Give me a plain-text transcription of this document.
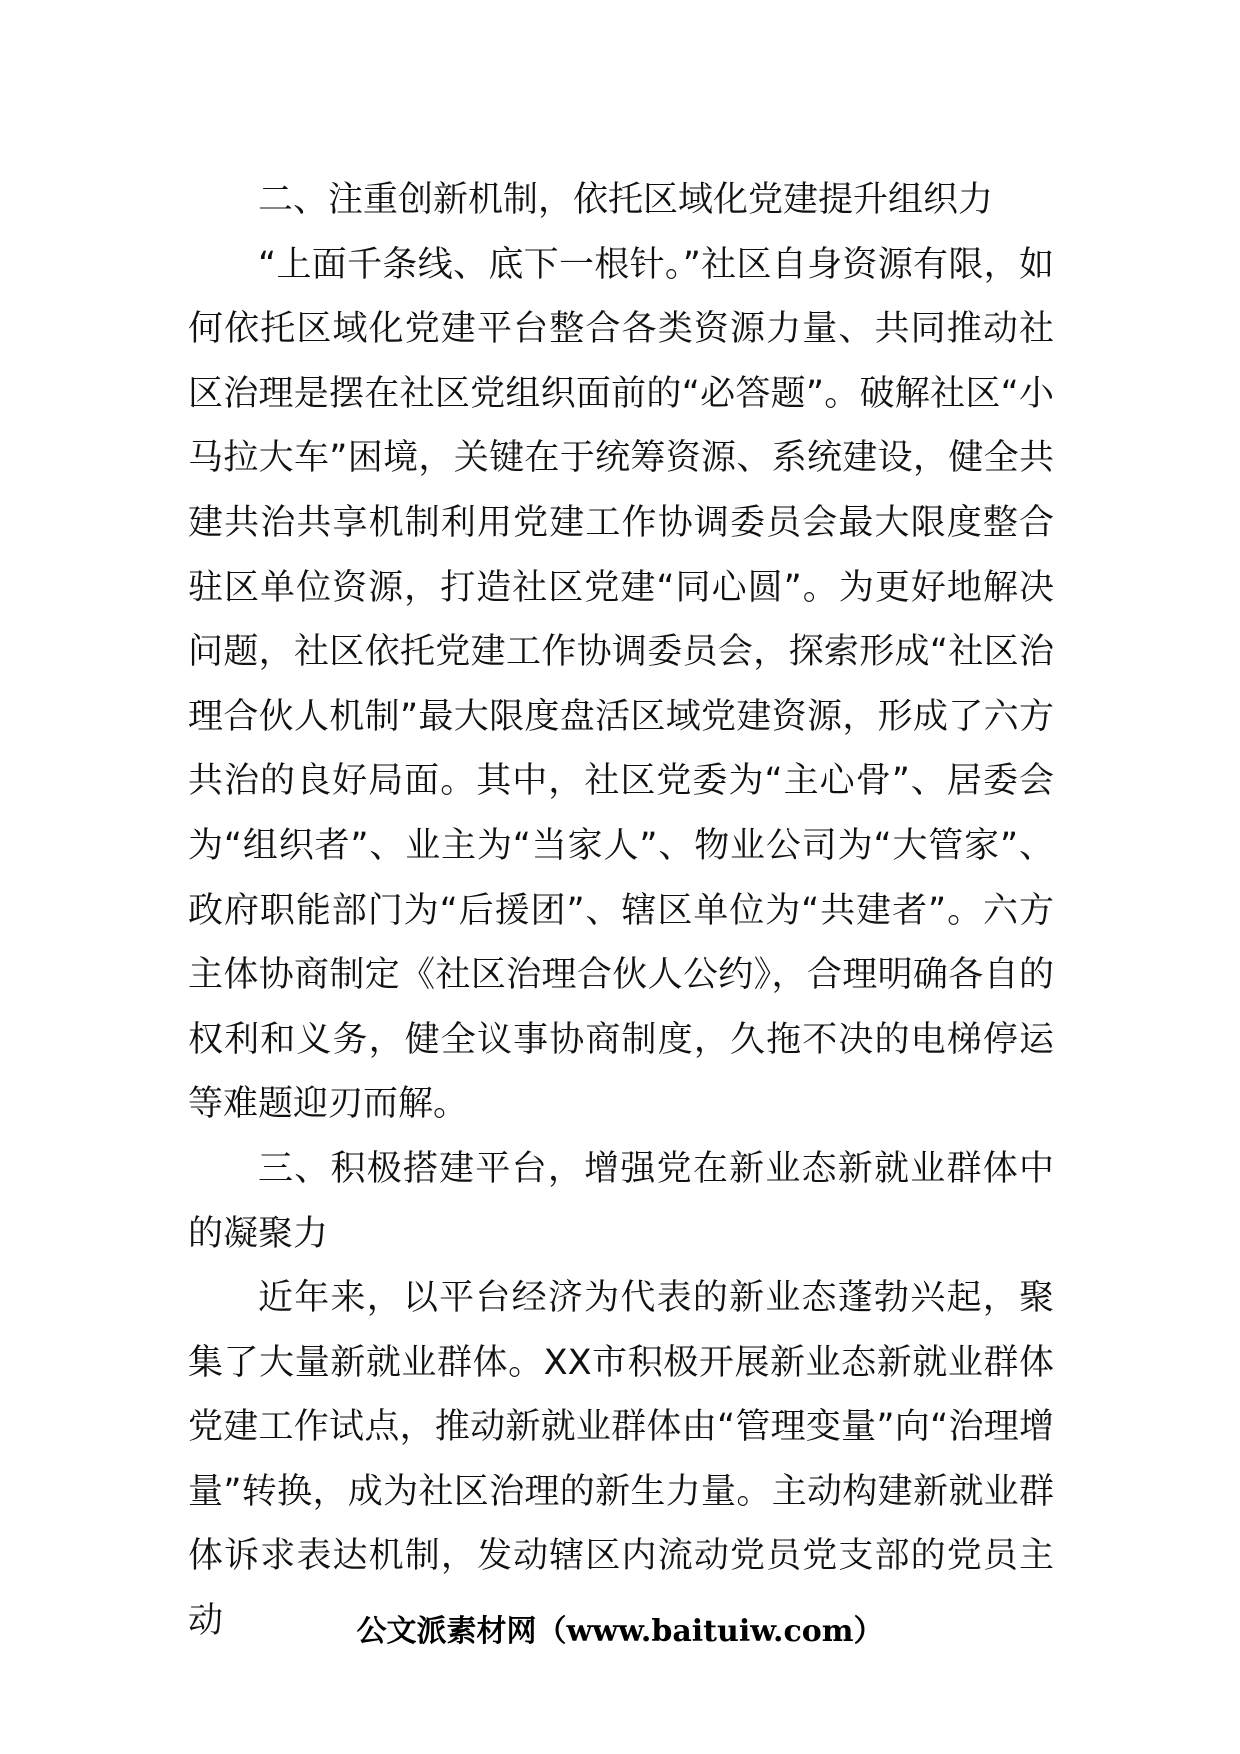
二、注重创新机制，依托区域化党建提升组织力

“上面千条线、底下一根针。”社区自身资源有限，如何依托区域化党建平台整合各类资源力量、共同推动社区治理是摆在社区党组织面前的“必答题”。破解社区“小马拉大车”困境，关键在于统筹资源、系统建设，健全共建共治共享机制利用党建工作协调委员会最大限度整合驻区单位资源，打造社区党建“同心圆”。为更好地解决问题，社区依托党建工作协调委员会，探索形成“社区治理合伙人机制”最大限度盘活区域党建资源，形成了六方共治的良好局面。其中，社区党委为“主心骨”、居委会为“组织者”、业主为“当家人”、物业公司为“大管家”、政府职能部门为“后援团”、辖区单位为“共建者”。六方主体协商制定《社区治理合伙人公约》，合理明确各自的权利和义务，健全议事协商制度，久拖不决的电梯停运等难题迎刃而解。

三、积极搭建平台，增强党在新业态新就业群体中的凝聚力

近年来，以平台经济为代表的新业态蓬勃兴起，聚集了大量新就业群体。XX市积极开展新业态新就业群体党建工作试点，推动新就业群体由“管理变量”向“治理增量”转换，成为社区治理的新生力量。主动构建新就业群体诉求表达机制，发动辖区内流动党员党支部的党员主动	公文派素材网（www.baituiw.com）
